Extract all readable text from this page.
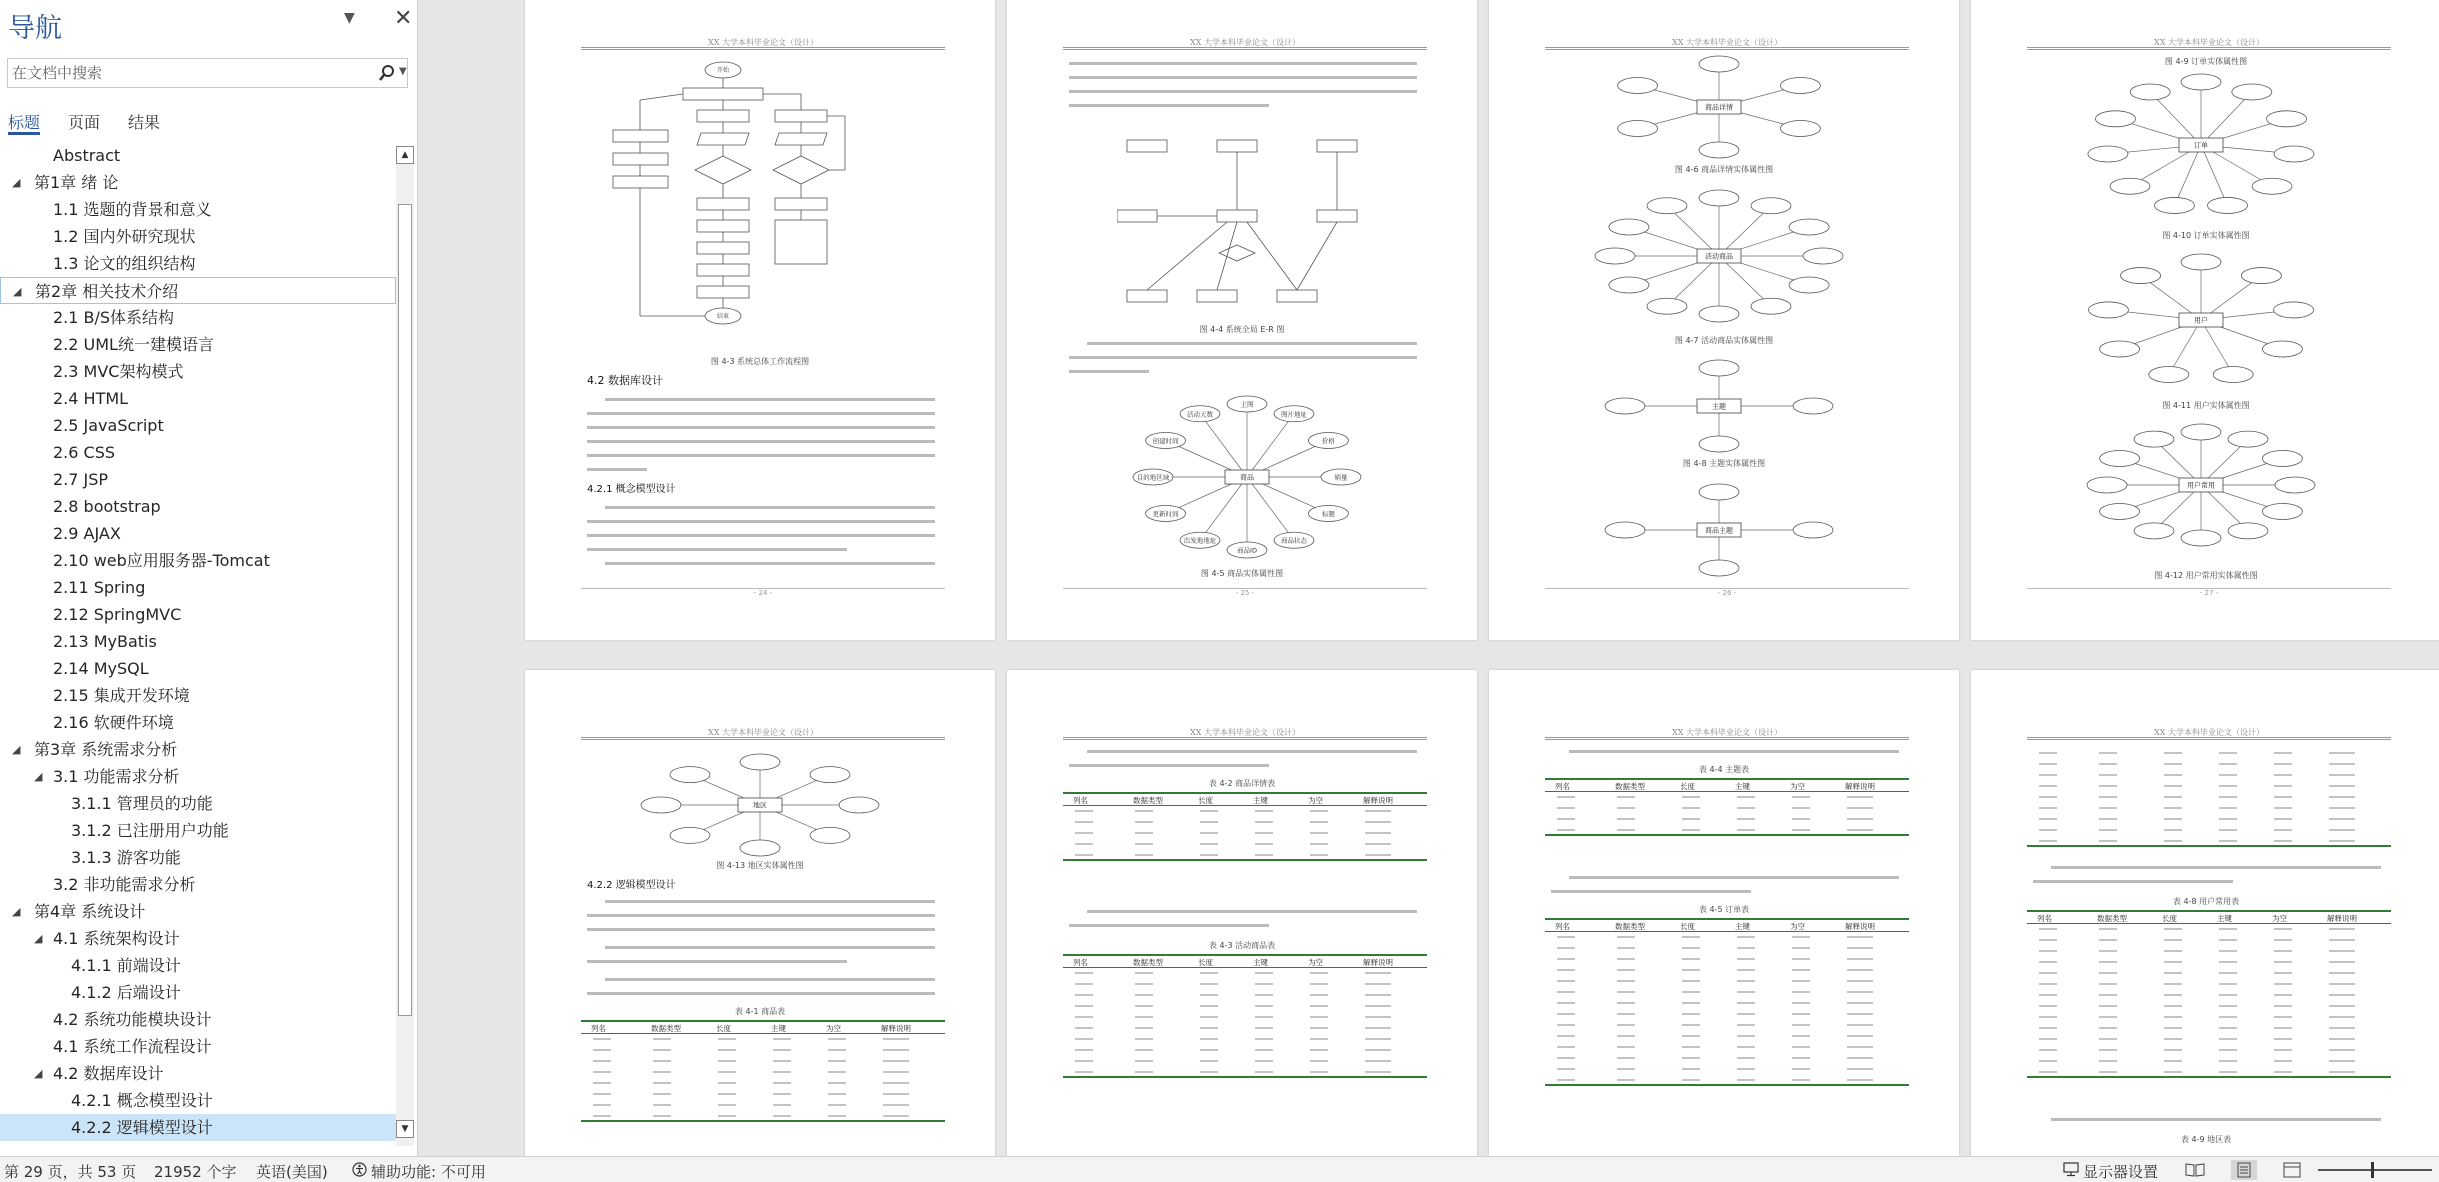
导航	▼ ✕
在文档中搜索
▼
标题 页面 结果
Abstract
◢ 第1章 绪 论
1.1 选题的背景和意义
1.2 国内外研究现状
1.3 论文的组织结构
◢ 第2章 相关技术介绍
2.1 B/S体系结构
2.2 UML统一建模语言
2.3 MVC架构模式
2.4 HTML
2.5 JavaScript
2.6 CSS
2.7 JSP
2.8 bootstrap
2.9 AJAX
2.10 web应用服务器-Tomcat
2.11 Spring
2.12 SpringMVC
2.13 MyBatis
2.14 MySQL
2.15 集成开发环境
2.16 软硬件环境
◢ 第3章 系统需求分析
◢ 3.1 功能需求分析
3.1.1 管理员的功能
3.1.2 已注册用户功能
3.1.3 游客功能
3.2 非功能需求分析
◢ 第4章 系统设计
◢ 4.1 系统架构设计
4.1.1 前端设计
4.1.2 后端设计
4.2 系统功能模块设计
4.1 系统工作流程设计
◢ 4.2 数据库设计
4.2.1 概念模型设计
4.2.2 逻辑模型设计
▲
▼
XX 大学本科毕业论文（设计）
开始
结束
图 4-3 系统总体工作流程图
4.2 数据库设计
4.2.1 概念模型设计
- 24 -
XX 大学本科毕业论文（设计）
图 4-4 系统全局 E-R 图
主图
图片地址
价格
销量
标题
商品状态
商品ID
出发地地址
更新时间
目的地区域
创建时间
活动天数
商品
图 4-5 商品实体属性图
- 25 -
XX 大学本科毕业论文（设计）
商品详情
图 4-6 商品详情实体属性图
活动商品
图 4-7 活动商品实体属性图
主题
图 4-8 主题实体属性图
商品主题
- 26 -
XX 大学本科毕业论文（设计）
图 4-9 订单实体属性图
订单
图 4-10 订单实体属性图
用户
图 4-11 用户实体属性图
用户常用
图 4-12 用户常用实体属性图
- 27 -
XX 大学本科毕业论文（设计）
地区
图 4-13 地区实体属性图
4.2.2 逻辑模型设计
表 4-1 商品表
列名	数据类型	长度	主键	为空	解释说明
XX 大学本科毕业论文（设计）
表 4-2 商品详情表
列名	数据类型	长度	主键	为空	解释说明
表 4-3 活动商品表
列名	数据类型	长度	主键	为空	解释说明
XX 大学本科毕业论文（设计）
表 4-4 主题表
列名	数据类型	长度	主键	为空	解释说明
表 4-5 订单表
列名	数据类型	长度	主键	为空	解释说明
XX 大学本科毕业论文（设计）
表 4-8 用户常用表
列名	数据类型	长度	主键	为空	解释说明
表 4-9 地区表
第 29 页，共 53 页 21952 个字 英语(美国)	辅助功能: 不可用	显示器设置
